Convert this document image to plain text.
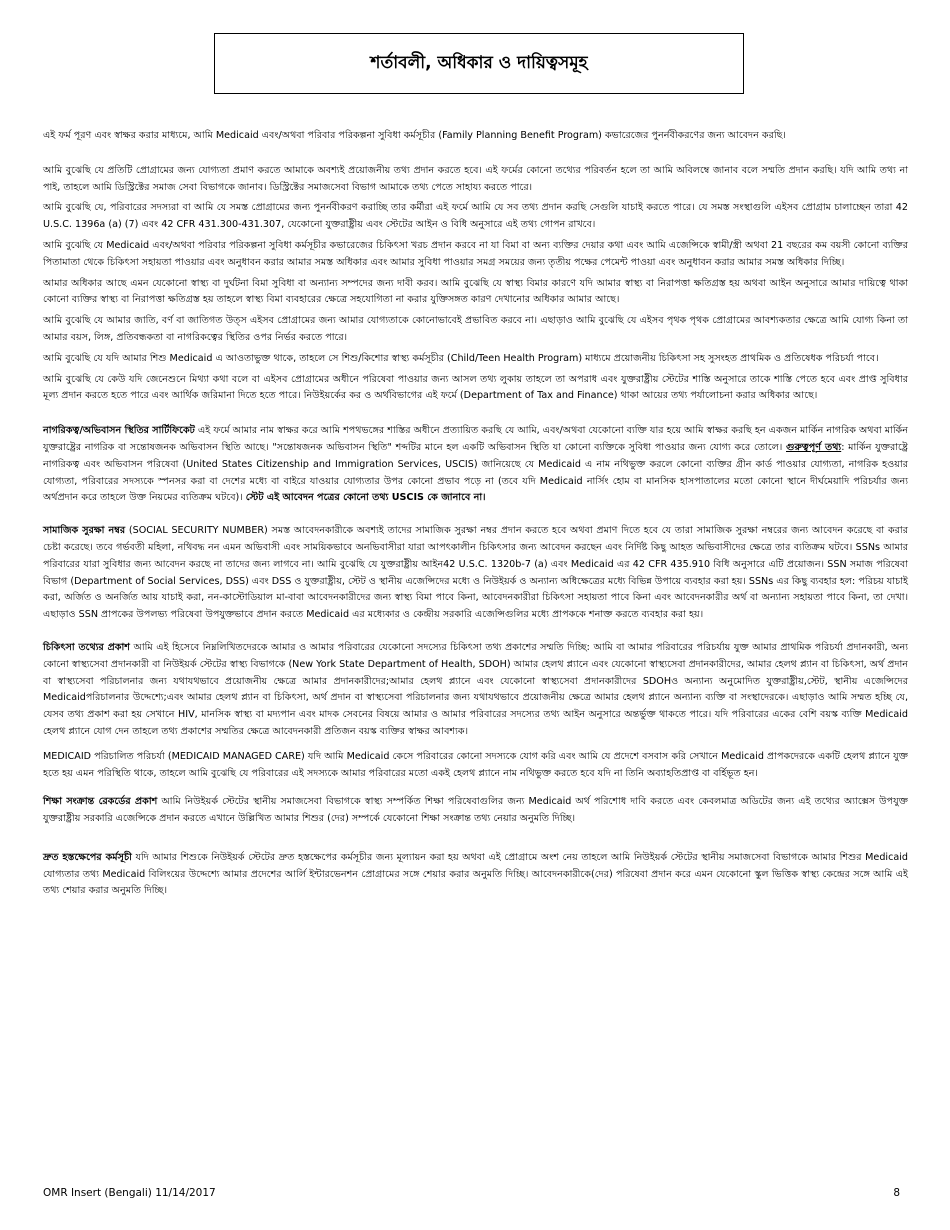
শর্তাবলী, অধিকার ও দায়িত্বসমূহ

এই ফর্ম পূরণ এবং স্বাক্ষর করার মাধ্যমে, আমি Medicaid এবং/অথবা পরিবার পরিকল্পনা সুবিধা কর্মসূচীর (Family Planning Benefit Program) কভারেজের পুনর্নবীকরণের জন্য আবেদন করছি।

আমি বুঝেছি যে প্রতিটি প্রোগ্রামের জন্য যোগ্যতা প্রমাণ করতে আমাকে অবশ্যই প্রয়োজনীয় তথ্য প্রদান করতে হবে। এই ফর্মের কোনো তথ্যের পরিবর্তন হলে তা আমি অবিলম্বে জানাব বলে সম্মতি প্রদান করছি। যদি আমি তথ্য না পাই, তাহলে আমি ডিস্ট্রিক্টের সমাজ সেবা বিভাগকে জানাব। ডিস্ট্রিক্টের সমাজসেবা বিভাগ আমাকে তথ্য পেতে সাহায্য করতে পারে।

আমি বুঝেছি যে, পরিবারের সদস্যরা বা আমি যে সমস্ত প্রোগ্রামের জন্য পুনর্নবীকরণ করাচ্ছি তার কর্মীরা এই ফর্মে আমি যে সব তথ্য প্রদান করছি সেগুলি যাচাই করতে পারে। যে সমস্ত সংস্থাগুলি এইসব প্রোগ্রাম চালাচ্ছেন তারা 42 U.S.C. 1396a (a) (7) এবং 42 CFR 431.300-431.307, যেকোনো যুক্তরাষ্ট্রীয় এবং স্টেটের আইন ও বিধি অনুসারে এই তথ্য গোপন রাখবে।

আমি বুঝেছি যে Medicaid এবং/অথবা পরিবার পরিকল্পনা সুবিধা কর্মসূচীর কভারেজের চিকিৎসা খরচ প্রদান করবে না যা বিমা বা অন্য ব্যক্তির দেয়ার কথা এবং আমি এজেন্সিকে স্বামী/স্ত্রী অথবা 21 বছরের কম বয়সী কোনো ব্যক্তির পিতামাতা থেকে চিকিৎসা সহায়তা পাওয়ার এবং অনুধাবন করার আমার সমস্ত অধিকার এবং আমার সুবিধা পাওয়ার সমগ্র সময়ের জন্য তৃতীয় পক্ষের পেমেন্ট পাওয়া এবং অনুধাবন করার আমার সমস্ত অধিকার দিচ্ছি।

আমার অধিকার আছে এমন যেকোনো স্বাস্থ্য বা দুর্ঘটনা বিমা সুবিধা বা অন্যান্য সম্পদের জন্য দাবী করব। আমি বুঝেছি যে স্বাস্থ্য বিমার কারণে যদি আমার স্বাস্থ্য বা নিরাপত্তা ক্ষতিগ্রস্ত হয় অথবা আইন অনুসারে আমার দায়িত্বে থাকা কোনো ব্যক্তির স্বাস্থ্য বা নিরাপত্তা ক্ষতিগ্রস্ত হয় তাহলে স্বাস্থ্য বিমা ব্যবহারের ক্ষেত্রে সহযোগিতা না করার যুক্তিসঙ্গত কারণ দেখানোর অধিকার আমার আছে।

আমি বুঝেছি যে আমার জাতি, বর্ণ বা জাতিগত উত্স এইসব প্রোগ্রামের জন্য আমার যোগ্যতাকে কোনোভাবেই প্রভাবিত করবে না। এছাড়াও আমি বুঝেছি যে এইসব পৃথক পৃথক প্রোগ্রামের আবশ্যকতার ক্ষেত্রে আমি যোগ্য কিনা তা আমার বয়স, লিঙ্গ, প্রতিবন্ধকতা বা নাগরিকত্বের স্থিতির ওপর নির্ভর করতে পারে।

আমি বুঝেছি যে যদি আমার শিশু Medicaid এ আওতাভুক্ত থাকে, তাহলে সে শিশু/কিশোর স্বাস্থ্য কর্মসূচীর (Child/Teen Health Program) মাধ্যমে প্রয়োজনীয় চিকিৎসা সহ সুসংহত প্রাথমিক ও প্রতিষেধক পরিচর্যা পাবে।

আমি বুঝেছি যে কেউ যদি জেনেশুনে মিথ্যা কথা বলে বা এইসব প্রোগ্রামের অধীনে পরিষেবা পাওয়ার জন্য আসল তথ্য লুকায় তাহলে তা অপরাধ এবং যুক্তরাষ্ট্রীয় স্টেটের শাস্তি অনুসারে তাকে শাস্তি পেতে হবে এবং প্রাপ্ত সুবিধার মূল্য প্রদান করতে হতে পারে এবং আর্থিক জরিমানা দিতে হতে পারে। নিউইয়র্কের কর ও অর্থবিভাগের এই ফর্মে (Department of Tax and Finance) থাকা আয়ের তথ্য পর্যালোচনা করার অধিকার আছে।

নাগরিকত্ব/অভিবাসন স্থিতির সার্টিফিকেট এই ফর্মে আমার নাম স্বাক্ষর করে আমি শপথভঙ্গের শাস্তির অধীনে প্রত্যায়িত করছি যে আমি, এবং/অথবা যেকোনো ব্যক্তি যার হয়ে আমি স্বাক্ষর করছি হন একজন মার্কিন নাগরিক অথবা মার্কিন যুক্তরাষ্ট্রের নাগরিক বা সন্তোষজনক অভিবাসন স্থিতি আছে। "সন্তোষজনক অভিবাসন স্থিতি" শব্দটির মানে হল একটি অভিবাসন স্থিতি যা কোনো ব্যক্তিকে সুবিধা পাওয়ার জন্য যোগ্য করে তোলে। গুরুত্বপূর্ণ তথ্য: মার্কিন যুক্তরাষ্ট্রে নাগরিকত্ব এবং অভিবাসন পরিষেবা (United States Citizenship and Immigration Services, USCIS) জানিয়েছে যে Medicaid এ নাম নথিভুক্ত করলে কোনো ব্যক্তির গ্রীন কার্ড পাওয়ার যোগ্যতা, নাগরিক হওয়ার যোগ্যতা, পরিবারের সদস্যকে স্পনসর করা বা দেশের মধ্যে বা বাইরে যাওয়ার যোগ্যতার উপর কোনো প্রভাব পড়ে না (তবে যদি Medicaid নার্সিং হোম বা মানসিক হাসপাতালের মতো কোনো স্থানে দীর্ঘমেয়াদি পরিচর্যার জন্য অর্থপ্রদান করে তাহলে উক্ত নিয়মের ব্যতিক্রম ঘটবে)। স্টেট এই আবেদন পত্রের কোনো তথ্য USCIS কে জানাবে না।

সামাজিক সুরক্ষা নম্বর (SOCIAL SECURITY NUMBER) সমস্ত আবেদনকারীকে অবশ্যই তাদের সামাজিক সুরক্ষা নম্বর প্রদান করতে হবে অথবা প্রমাণ দিতে হবে যে তারা সামাজিক সুরক্ষা নম্বরের জন্য আবেদন করেছে বা করার চেষ্টা করেছে। তবে গর্ভবতী মহিলা, নথিবদ্ধ নন এমন অভিবাসী এবং সাময়িকভাবে অনভিবাসীরা যারা আপৎকালীন চিকিৎসার জন্য আবেদন করছেন এবং নির্দিষ্ট কিছু আহত অভিবাসীদের ক্ষেত্রে তার ব্যতিক্রম ঘটবে। SSNs আমার পরিবারের যারা সুবিধার জন্য আবেদন করছে না তাদের জন্য লাগবে না। আমি বুঝেছি যে যুক্তরাষ্ট্রীয় আইন42 U.S.C. 1320b-7 (a) এবং Medicaid এর 42 CFR 435.910 বিধি অনুসারে এটি প্রয়োজন। SSN সমাজ পরিষেবা বিভাগ (Department of Social Services, DSS) এবং DSS ও যুক্তরাষ্ট্রীয়, স্টেট ও স্থানীয় এজেন্সিদের মধ্যে ও নিউইয়র্ক ও অন্যান্য অধিক্ষেত্রের মধ্যে বিভিন্ন উপায়ে ব্যবহার করা হয়। SSNs এর কিছু ব্যবহার হল: পরিচয় যাচাই করা, অর্জিত ও অনর্জিত আয় যাচাই করা, নন-কাস্টোডিয়াল মা-বাবা আবেদনকারীদের জন্য স্বাস্থ্য বিমা পাবে কিনা, আবেদনকারীরা চিকিৎসা সহায়তা পাবে কিনা এবং আবেদনকারীর অর্থ বা অন্যান্য সহায়তা পাবে কিনা, তা দেখা। এছাড়াও SSN প্রাপকের উপলভ্য পরিষেবা উপযুক্তভাবে প্রদান করতে Medicaid এর মধ্যেকার ও কেন্দ্রীয় সরকারি এজেন্সিগুলির মধ্যে প্রাপককে শনাক্ত করতে ব্যবহার করা হয়।

চিকিৎসা তথ্যের প্রকাশ আমি এই হিসেবে নিম্নলিখিতদেরকে আমার ও আমার পরিবারের যেকোনো সদস্যের চিকিৎসা তথ্য প্রকাশের সম্মতি দিচ্ছি: আমি বা আমার পরিবারের পরিচর্যায় যুক্ত আমার প্রাথমিক পরিচর্যা প্রদানকারী, অন্য কোনো স্বাস্থ্যসেবা প্রদানকারী বা নিউইয়র্ক স্টেটের স্বাস্থ্য বিভাগকে (New York State Department of Health, SDOH) আমার হেলথ প্ল্যানে এবং যেকোনো স্বাস্থ্যসেবা প্রদানকারীদের, আমার হেলথ প্ল্যান বা চিকিৎসা, অর্থ প্রদান বা স্বাস্থ্যসেবা পরিচালনার জন্য যথাযথভাবে প্রয়োজনীয় ক্ষেত্রে আমার প্রদানকারীদের;আমার হেলথ প্ল্যানে এবং যেকোনো স্বাস্থ্যসেবা প্রদানকারীদের SDOHও অন্যান্য অনুমোদিত যুক্তরাষ্ট্রীয়,স্টেট, স্থানীয় এজেন্সিদের Medicaidপরিচালনার উদ্দেশ্যে;এবং আমার হেলথ প্ল্যান বা চিকিৎসা, অর্থ প্রদান বা স্বাস্থ্যসেবা পরিচালনার জন্য যথাযথভাবে প্রয়োজনীয় ক্ষেত্রে আমার হেলথ প্ল্যানে অন্যান্য ব্যক্তি বা সংস্থাদেরকে। এছাড়াও আমি সম্মত হচ্ছি যে, যেসব তথ্য প্রকাশ করা হয় সেখানে HIV, মানসিক স্বাস্থ্য বা মদ্যপান এবং মাদক সেবনের বিষয়ে আমার ও আমার পরিবারের সদস্যের তথ্য আইন অনুসারে অন্তর্ভুক্ত থাকতে পারে। যদি পরিবারের একের বেশি বয়স্ক ব্যক্তি Medicaid হেলথ প্ল্যানে যোগ দেন তাহলে তথ্য প্রকাশের সম্মতির ক্ষেত্রে আবেদনকারী প্রতিজন বয়স্ক ব্যক্তির স্বাক্ষর আবশ্যক।

MEDICAID পরিচালিত পরিচর্যা (MEDICAID MANAGED CARE) যদি আমি Medicaid কেসে পরিবারের কোনো সদস্যকে যোগ করি এবং আমি যে প্রদেশে বসবাস করি সেখানে Medicaid প্রাপকদেরকে একটি হেলথ প্ল্যানে যুক্ত হতে হয় এমন পরিস্থিতি থাকে, তাহলে আমি বুঝেছি যে পরিবারের এই সদস্যকে আমার পরিবারের মতো একই হেলথ প্ল্যানে নাম নথিভুক্ত করতে হবে যদি না তিনি অব্যাহতিপ্রাপ্ত বা বর্হিভূত হন।

শিক্ষা সংক্রান্ত রেকর্ডের প্রকাশ আমি নিউইয়র্ক স্টেটের স্থানীয় সমাজসেবা বিভাগকে স্বাস্থ্য সম্পর্কিত শিক্ষা পরিষেবাগুলির জন্য Medicaid অর্থ পরিশোধ দাবি করতে এবং কেবলমাত্র অডিটের জন্য এই তথ্যের অ্যাক্সেস উপযুক্ত যুক্তরাষ্ট্রীয় সরকারি এজেন্সিকে প্রদান করতে এখানে উল্লিখিত আমার শিশুর (দের) সম্পর্কে যেকোনো শিক্ষা সংক্রান্ত তথ্য নেয়ার অনুমতি দিচ্ছি।

দ্রুত হস্তক্ষেপের কর্মসূচী যদি আমার শিশুকে নিউইয়র্ক স্টেটের দ্রুত হস্তক্ষেপের কর্মসূচীর জন্য মূল্যায়ন করা হয় অথবা এই প্রোগ্রামে অংশ নেয় তাহলে আমি নিউইয়র্ক স্টেটের স্থানীয় সমাজসেবা বিভাগকে আমার শিশুর Medicaid যোগ্যতার তথ্য Medicaid বিলিংয়ের উদ্দেশ্যে আমার প্রদেশের আর্লি ইন্টারভেনশন প্রোগ্রামের সঙ্গে শেয়ার করার অনুমতি দিচ্ছি। আবেদনকারীকে(দের) পরিষেবা প্রদান করে এমন যেকোনো স্কুল ভিত্তিক স্বাস্থ্য কেন্দ্রের সঙ্গে আমি এই তথ্য শেয়ার করার অনুমতি দিচ্ছি।

OMR Insert (Bengali) 11/14/2017	8
